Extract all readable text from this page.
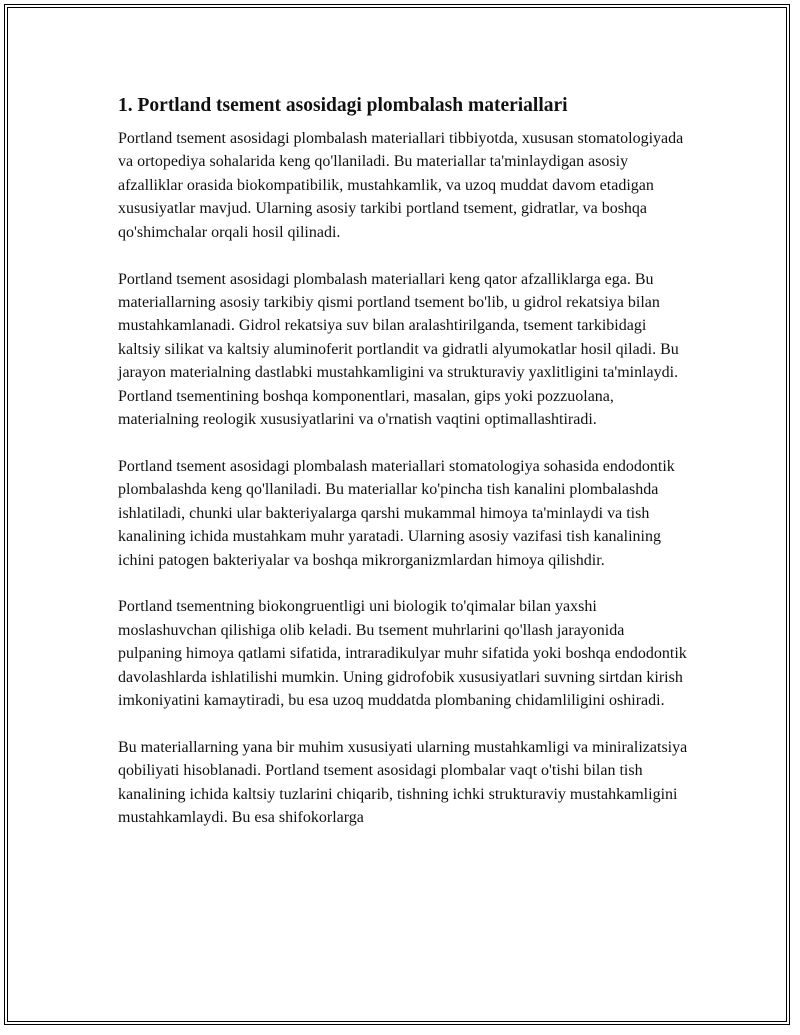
1. Portland tsement asosidagi plombalash materiallari

Portland tsement asosidagi plombalash materiallari tibbiyotda, xususan stomatologiyada va ortopediya sohalarida keng qo'llaniladi. Bu materiallar ta'minlaydigan asosiy afzalliklar orasida biokompatibilik, mustahkamlik, va uzoq muddat davom etadigan xususiyatlar mavjud. Ularning asosiy tarkibi portland tsement, gidratlar, va boshqa qo'shimchalar orqali hosil qilinadi.

Portland tsement asosidagi plombalash materiallari keng qator afzalliklarga ega. Bu materiallarning asosiy tarkibiy qismi portland tsement bo'lib, u gidrol rekatsiya bilan mustahkamlanadi. Gidrol rekatsiya suv bilan aralashtirilganda, tsement tarkibidagi kaltsiy silikat va kaltsiy aluminoferit portlandit va gidratli alyumokatlar hosil qiladi. Bu jarayon materialning dastlabki mustahkamligini va strukturaviy yaxlitligini ta'minlaydi. Portland tsementining boshqa komponentlari, masalan, gips yoki pozzuolana, materialning reologik xususiyatlarini va o'rnatish vaqtini optimallashtiradi.

Portland tsement asosidagi plombalash materiallari stomatologiya sohasida endodontik plombalashda keng qo'llaniladi. Bu materiallar ko'pincha tish kanalini plombalashda ishlatiladi, chunki ular bakteriyalarga qarshi mukammal himoya ta'minlaydi va tish kanalining ichida mustahkam muhr yaratadi. Ularning asosiy vazifasi tish kanalining ichini patogen bakteriyalar va boshqa mikrorganizmlardan himoya qilishdir.

Portland tsementning biokongruentligi uni biologik to'qimalar bilan yaxshi moslashuvchan qilishiga olib keladi. Bu tsement muhrlarini qo'llash jarayonida pulpaning himoya qatlami sifatida, intraradikulyar muhr sifatida yoki boshqa endodontik davolashlarda ishlatilishi mumkin. Uning gidrofobik xususiyatlari suvning sirtdan kirish imkoniyatini kamaytiradi, bu esa uzoq muddatda plombaning chidamliligini oshiradi.

Bu materiallarning yana bir muhim xususiyati ularning mustahkamligi va miniralizatsiya qobiliyati hisoblanadi. Portland tsement asosidagi plombalar vaqt o'tishi bilan tish kanalining ichida kaltsiy tuzlarini chiqarib, tishning ichki strukturaviy mustahkamligini mustahkamlaydi. Bu esa shifokorlarga
